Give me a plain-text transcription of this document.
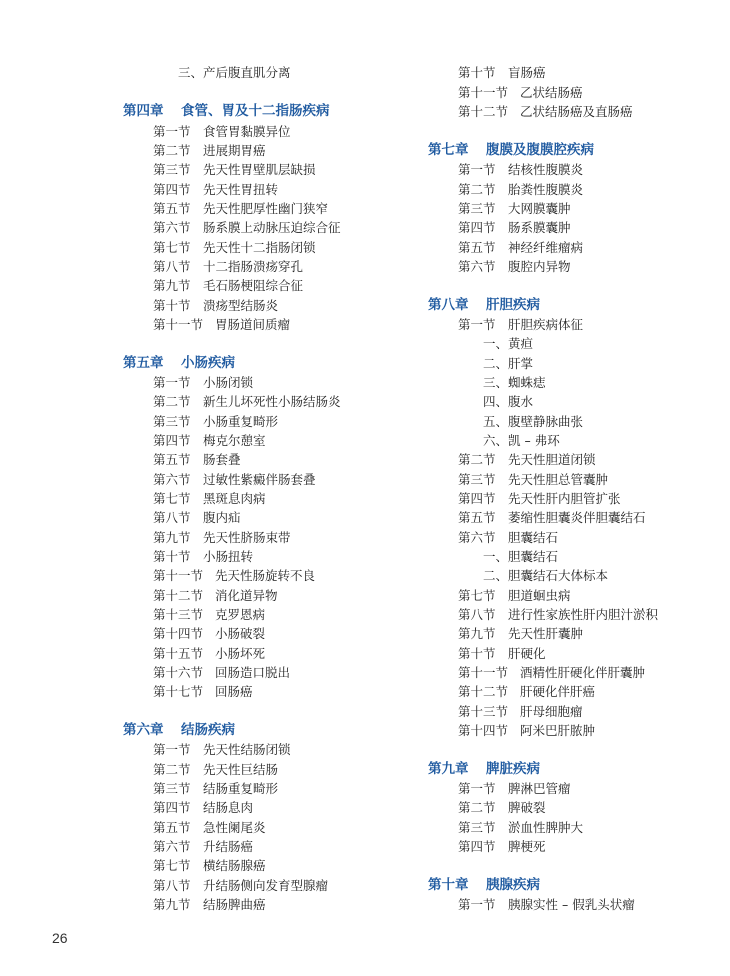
三、产后腹直肌分离
第四章 食管、胃及十二指肠疾病
第一节 食管胃黏膜异位
第二节 进展期胃癌
第三节 先天性胃壁肌层缺损
第四节 先天性胃扭转
第五节 先天性肥厚性幽门狭窄
第六节 肠系膜上动脉压迫综合征
第七节 先天性十二指肠闭锁
第八节 十二指肠溃疡穿孔
第九节 毛石肠梗阻综合征
第十节 溃疡型结肠炎
第十一节 胃肠道间质瘤
第五章 小肠疾病
第一节 小肠闭锁
第二节 新生儿坏死性小肠结肠炎
第三节 小肠重复畸形
第四节 梅克尔憩室
第五节 肠套叠
第六节 过敏性紫癜伴肠套叠
第七节 黑斑息肉病
第八节 腹内疝
第九节 先天性脐肠束带
第十节 小肠扭转
第十一节 先天性肠旋转不良
第十二节 消化道异物
第十三节 克罗恩病
第十四节 小肠破裂
第十五节 小肠坏死
第十六节 回肠造口脱出
第十七节 回肠癌
第六章 结肠疾病
第一节 先天性结肠闭锁
第二节 先天性巨结肠
第三节 结肠重复畸形
第四节 结肠息肉
第五节 急性阑尾炎
第六节 升结肠癌
第七节 横结肠腺癌
第八节 升结肠侧向发育型腺瘤
第九节 结肠脾曲癌
第十节 盲肠癌
第十一节 乙状结肠癌
第十二节 乙状结肠癌及直肠癌
第七章 腹膜及腹膜腔疾病
第一节 结核性腹膜炎
第二节 胎粪性腹膜炎
第三节 大网膜囊肿
第四节 肠系膜囊肿
第五节 神经纤维瘤病
第六节 腹腔内异物
第八章 肝胆疾病
第一节 肝胆疾病体征
一、黄疸
二、肝掌
三、蜘蛛痣
四、腹水
五、腹壁静脉曲张
六、凯 – 弗环
第二节 先天性胆道闭锁
第三节 先天性胆总管囊肿
第四节 先天性肝内胆管扩张
第五节 萎缩性胆囊炎伴胆囊结石
第六节 胆囊结石
一、胆囊结石
二、胆囊结石大体标本
第七节 胆道蛔虫病
第八节 进行性家族性肝内胆汁淤积
第九节 先天性肝囊肿
第十节 肝硬化
第十一节 酒精性肝硬化伴肝囊肿
第十二节 肝硬化伴肝癌
第十三节 肝母细胞瘤
第十四节 阿米巴肝脓肿
第九章 脾脏疾病
第一节 脾淋巴管瘤
第二节 脾破裂
第三节 淤血性脾肿大
第四节 脾梗死
第十章 胰腺疾病
第一节 胰腺实性 – 假乳头状瘤
26
